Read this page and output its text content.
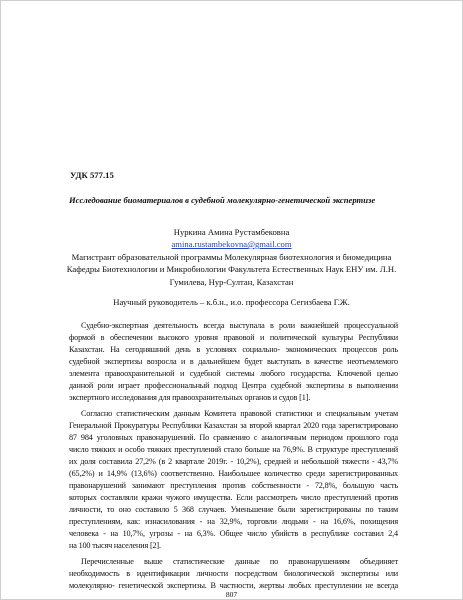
УДК 577.15
Исследование биоматериалов в судебной молекулярно-генетической экспертизе
Нуркина Амина Рустамбековна
amina.rustambekovna@gmail.com
Магистрант образовательной программы Молекулярная биотехнология и биомедицина
Кафедры Биотехнологии и Микробиологии Факультета Естественных Наук ЕНУ им. Л.Н.
Гумилева, Нур-Султан, Казахстан
Научный руководитель – к.б.н., и.о. профессора Сегизбаева Г.Ж.
Судебно-экспертная деятельность всегда выступала в роли важнейшей процессуальной
формой в обеспечении высокого уровня правовой и политической культуры Республики
Казахстан. На сегодняшний день в условиях социально- экономических процессов роль
судебной экспертизы возросла и в дальнейшем будет выступать в качестве неотъемлемого
элемента правоохранительной и судебной системы любого государства. Ключевой целью
данной роли играет профессиональный подход Центра судебной экспертизы в выполнении
экспертного исследования для правоохранительных органов и судов [1].
Согласно статистическим данным Комитета правовой статистики и специальным учетам
Генеральной Прокуратуры Республики Казахстан за второй квартал 2020 года зарегистрировано
87 984 уголовных правонарушений. По сравнению с аналогичным периодом прошлого года
число тяжких и особо тяжких преступлений стало больше на 76,9%. В структуре преступлений
их доля составила 27,2% (в 2 квартале 2019г. - 10,2%), средней и небольшой тяжести - 43,7%
(65,2%) и 14,9% (13,6%) соответственно. Наибольшее количество среди зарегистрированных
правонарушений занимают преступления против собственности - 72,8%, большую часть
которых составляли кражи чужого имущества. Если рассмотреть число преступлений против
личности, то оно составило 5 368 случаев. Уменьшение были зарегистрированы по таким
преступлениям, как: изнасилования - на 32,9%, торговли людьми - на 16,6%, похищения
человека - на 10,7%, угрозы - на 6,3%. Общее число убийств в республике составил 2,4
на 100 тысяч населения [2].
Перечисленные выше статистические данные по правонарушениям объединяет
необходимость в идентификации личности посредством биологической экспертизы или
молекулярно- генетической экспертизы. В частности, жертвы любых преступлении не всегда
807
